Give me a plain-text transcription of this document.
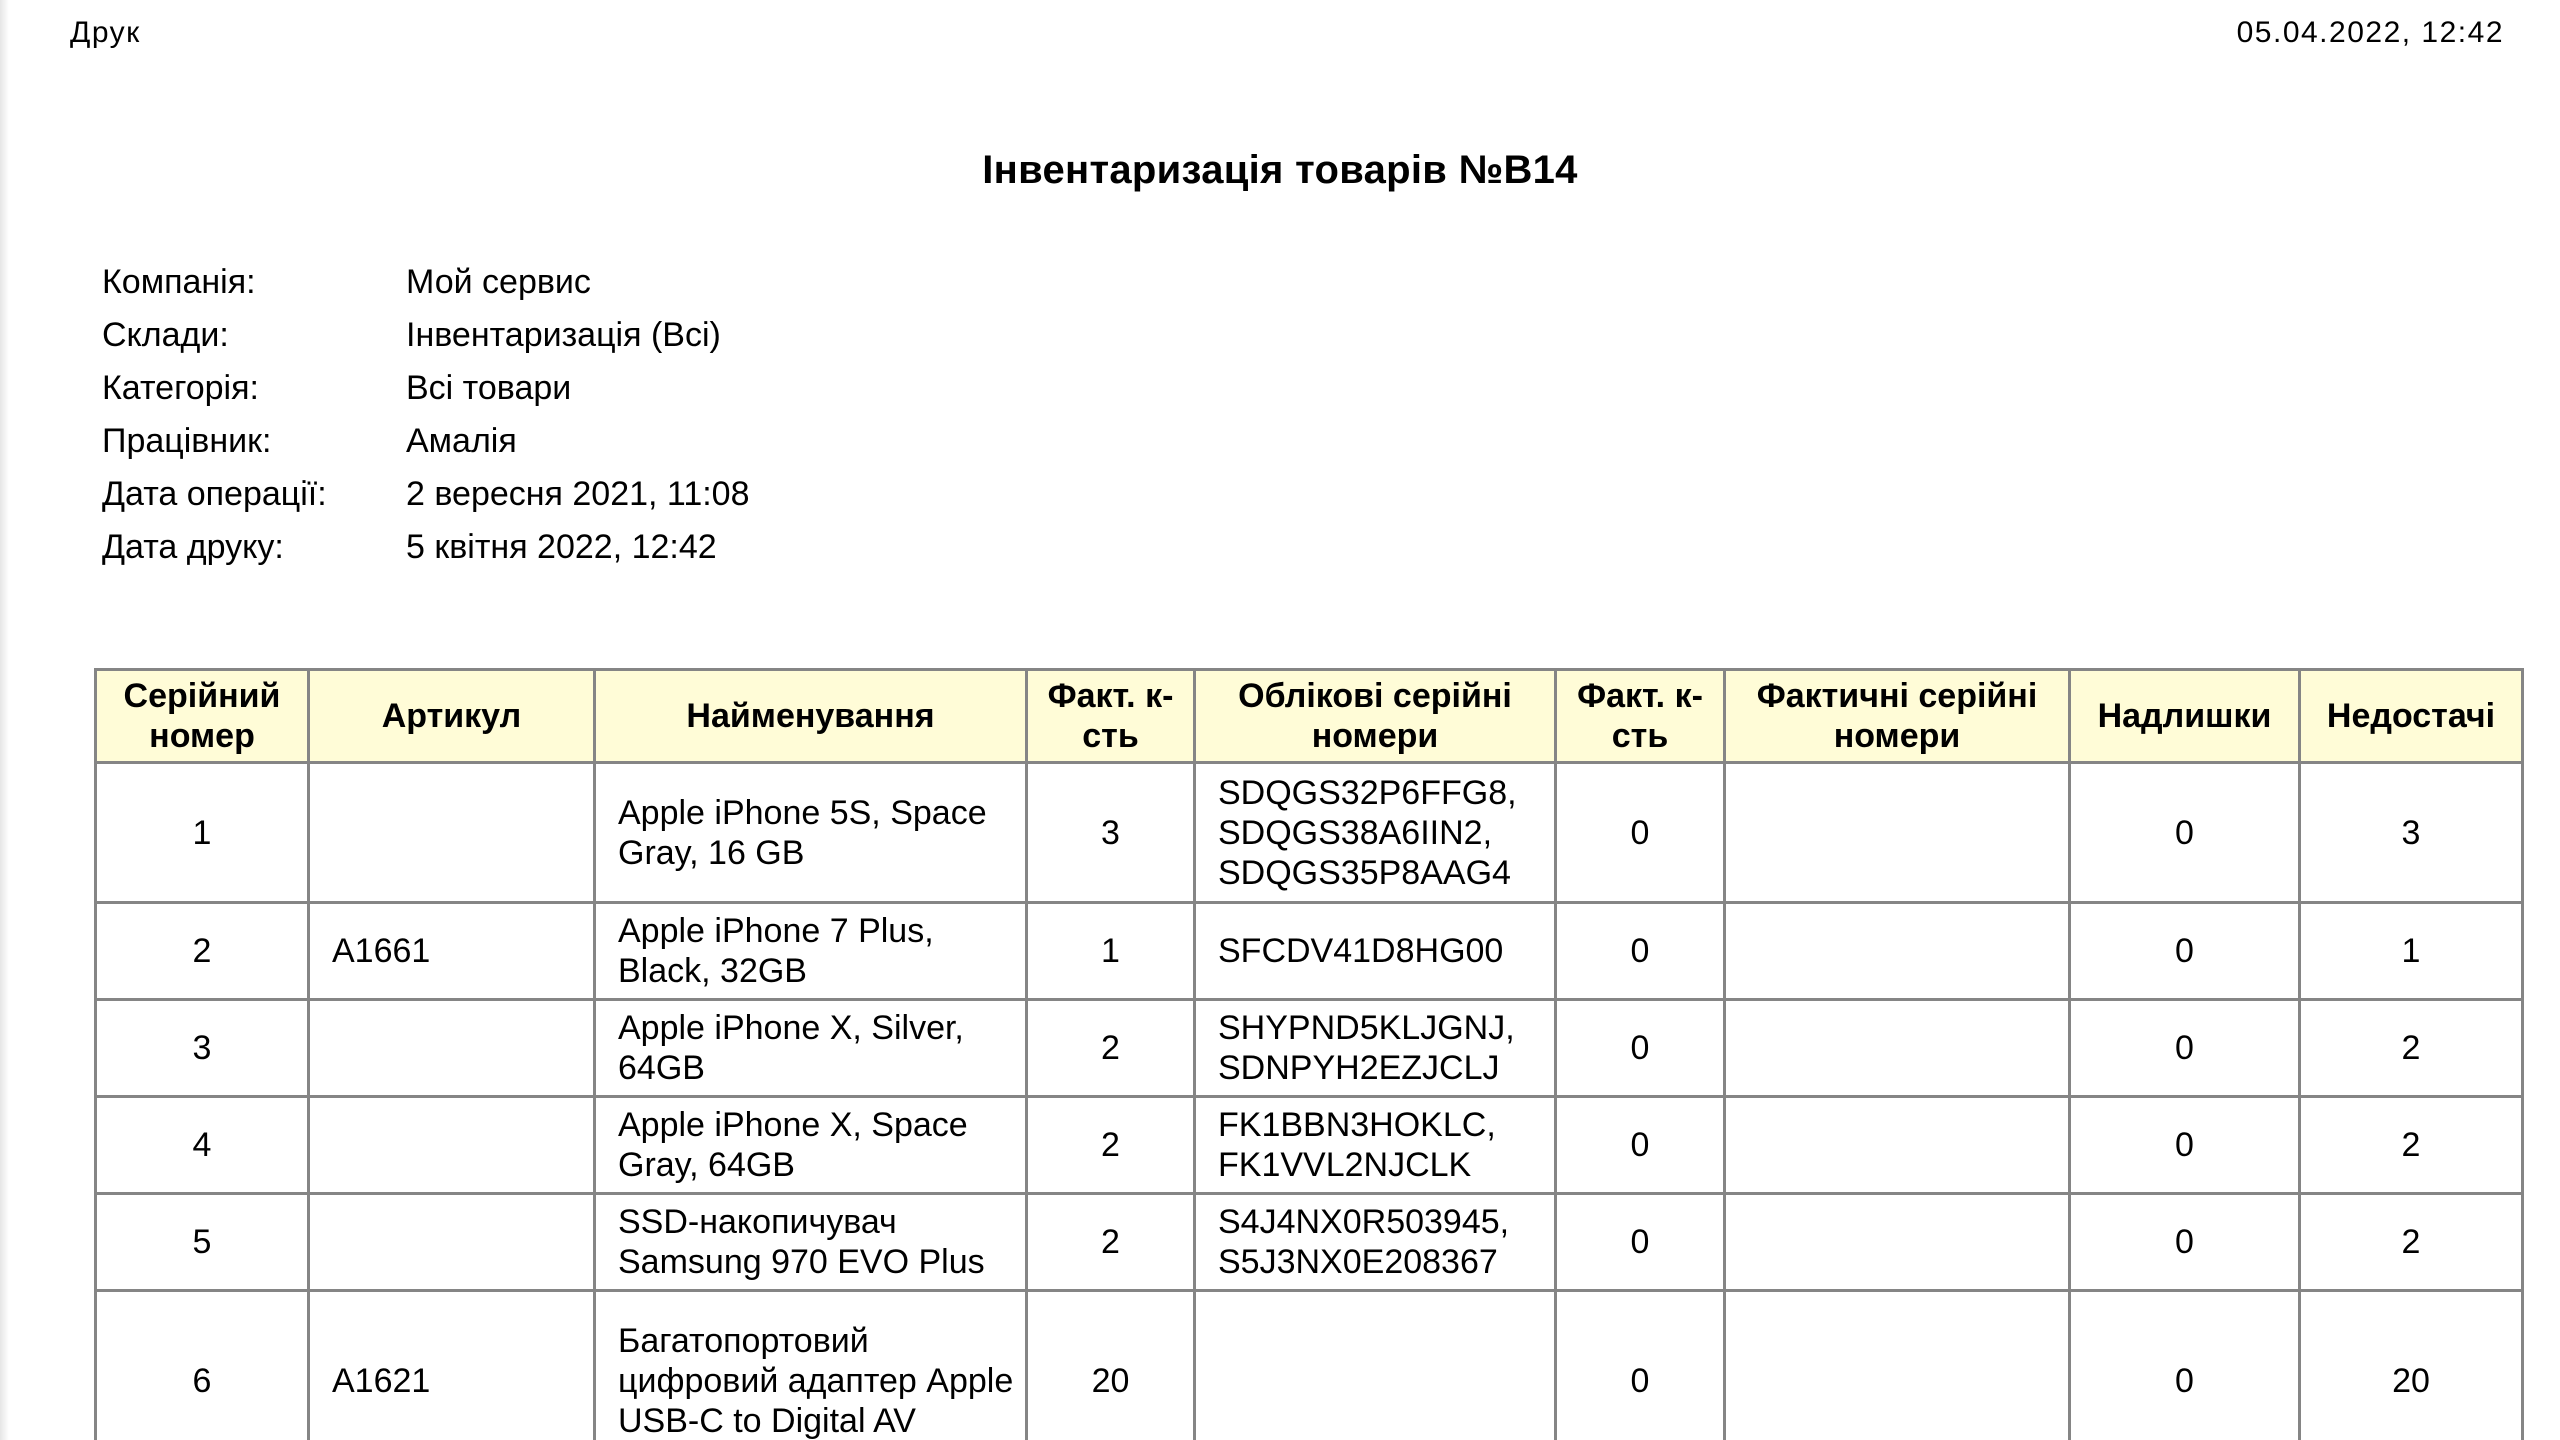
Друк	05.04.2022, 12:42
Інвентаризація товарів №В14
Компанія:	Мой сервис
Склади:	Інвентаризація (Всі)
Категорія:	Всі товари
Працівник:	Амалія
Дата операції:	2 вересня 2021, 11:08
Дата друку:	5 квітня 2022, 12:42
Серійний номер	Артикул	Найменування	Факт. к-сть	Облікові серійні номери	Факт. к-сть	Фактичні серійні номери	Надлишки	Недостачі
1		Apple iPhone 5S, Space Gray, 16 GB	3	SDQGS32P6FFG8, SDQGS38A6IIN2, SDQGS35P8AAG4	0		0	3
2	A1661	Apple iPhone 7 Plus, Black, 32GB	1	SFCDV41D8HG00	0		0	1
3		Apple iPhone X, Silver, 64GB	2	SHYPND5KLJGNJ, SDNPYH2EZJCLJ	0		0	2
4		Apple iPhone X, Space Gray, 64GB	2	FK1BBN3HOKLC, FK1VVL2NJCLK	0		0	2
5		SSD-накопичувач Samsung 970 EVO Plus	2	S4J4NX0R503945, S5J3NX0E208367	0		0	2
6	A1621	Багатопортовий цифровий адаптер Apple USB-C to Digital AV	20		0		0	20
